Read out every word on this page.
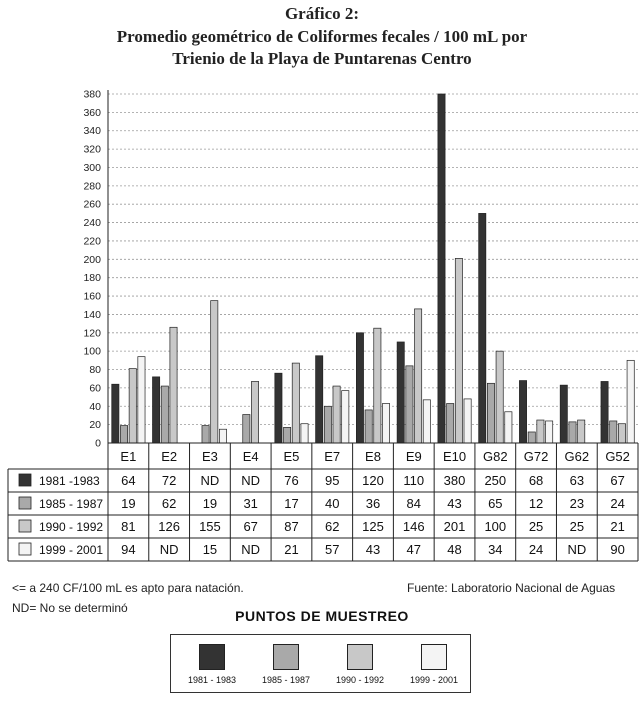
Gráfico 2:
Promedio geométrico de Coliformes fecales / 100 mL por
Trienio de la Playa de Puntarenas Centro
0
20
40
60
80
100
120
140
160
180
200
220
240
260
280
300
320
340
360
380
E1 E2 E3 E4 E5 E7 E8 E9 E10 G82 G72 G62 G52
1981 -1983 64 72 ND ND 76 95 120 110 380 250 68 63 67
1985 - 1987 19 62 19 31 17 40 36 84 43 65 12 23 24
1990 - 1992 81 126 155 67 87 62 125 146 201 100 25 25 21
1999 - 2001 94 ND 15 ND 21 57 43 47 48 34 24 ND 90
<= a 240 CF/100 mL es apto para natación.	Fuente: Laboratorio Nacional de Aguas
ND= No se determinó	PUNTOS DE MUESTREO
1981 - 1983	1985 - 1987	1990 - 1992	1999 - 2001
